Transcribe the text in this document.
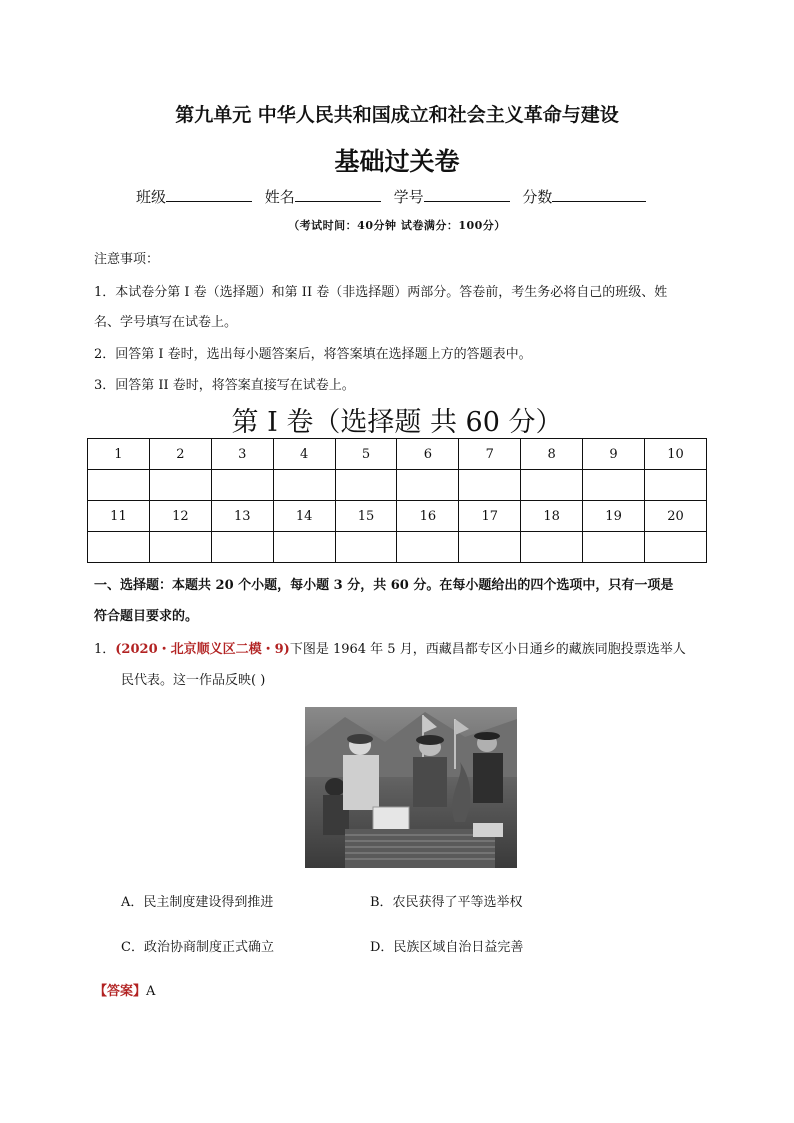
第九单元 中华人民共和国成立和社会主义革命与建设
基础过关卷
班级	姓名	学号	分数
（考试时间：40分钟 试卷满分：100分）
注意事项：
1．本试卷分第 I 卷（选择题）和第 II 卷（非选择题）两部分。答卷前，考生务必将自己的班级、姓
名、学号填写在试卷上。
2．回答第 I 卷时，选出每小题答案后，将答案填在选择题上方的答题表中。
3．回答第 II 卷时，将答案直接写在试卷上。
第 I 卷（选择题 共 60 分）
1	2	3	4	5	6	7	8	9	10

11	12	13	14	15	16	17	18	19	20

一、选择题：本题共 20 个小题，每小题 3 分，共 60 分。在每小题给出的四个选项中，只有一项是
符合题目要求的。
1．(2020・北京顺义区二模・9)下图是 1964 年 5 月，西藏昌都专区小日通乡的藏族同胞投票选举人
民代表。这一作品反映( )
A．民主制度建设得到推进	B．农民获得了平等选举权
C．政治协商制度正式确立	D．民族区域自治日益完善
【答案】A
